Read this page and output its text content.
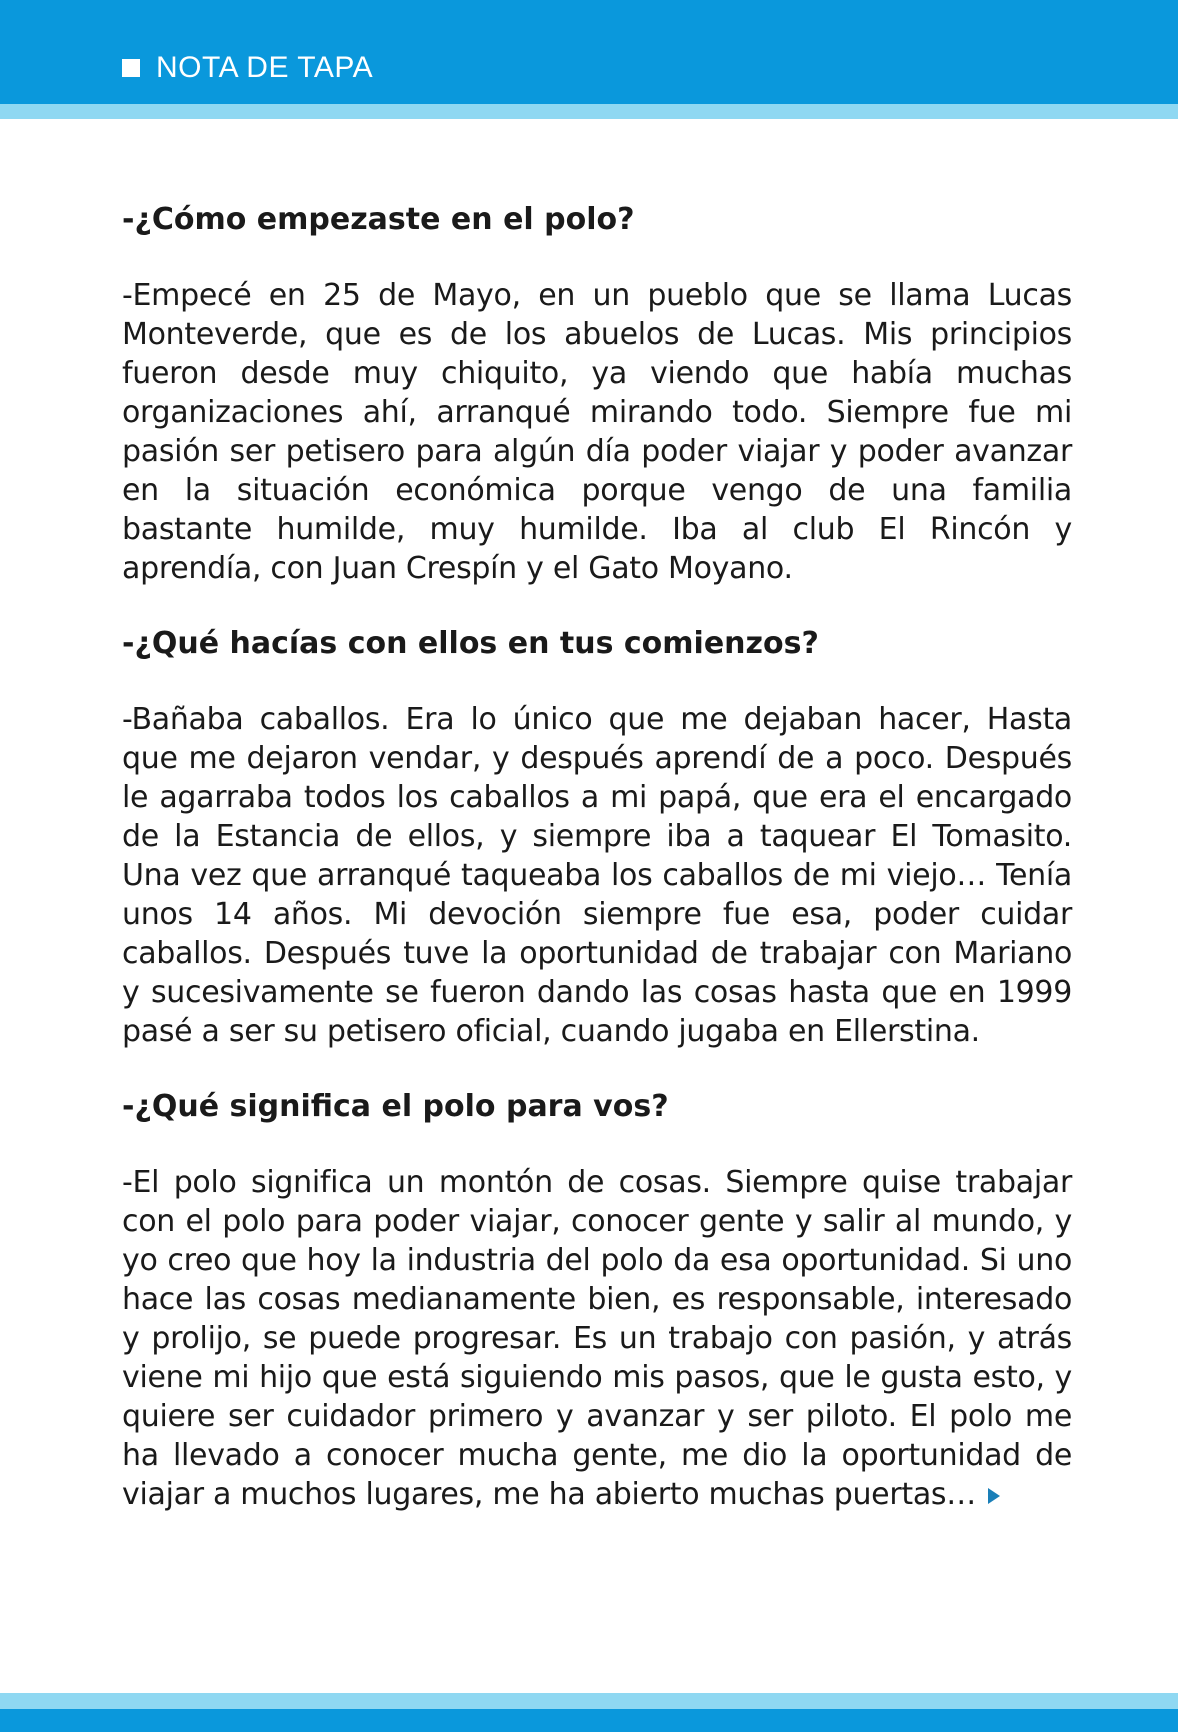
NOTA DE TAPA
-¿Cómo empezaste en el polo?

-Empecé en 25 de Mayo, en un pueblo que se llama Lucas Monteverde, que es de los abuelos de Lucas. Mis principios fueron desde muy chiquito, ya viendo que había muchas organizaciones ahí, arranqué mirando todo. Siempre fue mi pasión ser petisero para algún día poder viajar y poder avanzar en la situación económica porque vengo de una familia bastante humilde, muy humilde. Iba al club El Rincón y aprendía, con Juan Crespín y el Gato Moyano.

-¿Qué hacías con ellos en tus comienzos?

-Bañaba caballos. Era lo único que me dejaban hacer, Hasta que me dejaron vendar, y después aprendí de a poco. Después le agarraba todos los caballos a mi papá, que era el encargado de la Estancia de ellos, y siempre iba a taquear El Tomasito. Una vez que arranqué taqueaba los caballos de mi viejo… Tenía unos 14 años. Mi devoción siempre fue esa, poder cuidar caballos. Después tuve la oportunidad de trabajar con Mariano y sucesivamente se fueron dando las cosas hasta que en 1999 pasé a ser su petisero oficial, cuando jugaba en Ellerstina.

-¿Qué significa el polo para vos?

-El polo significa un montón de cosas. Siempre quise trabajar con el polo para poder viajar, conocer gente y salir al mundo, y yo creo que hoy la industria del polo da esa oportunidad. Si uno hace las cosas medianamente bien, es responsable, interesado y prolijo, se puede progresar. Es un trabajo con pasión, y atrás viene mi hijo que está siguiendo mis pasos, que le gusta esto, y quiere ser cuidador primero y avanzar y ser piloto. El polo me ha llevado a conocer mucha gente, me dio la oportunidad de viajar a muchos lugares, me ha abierto muchas puertas…
